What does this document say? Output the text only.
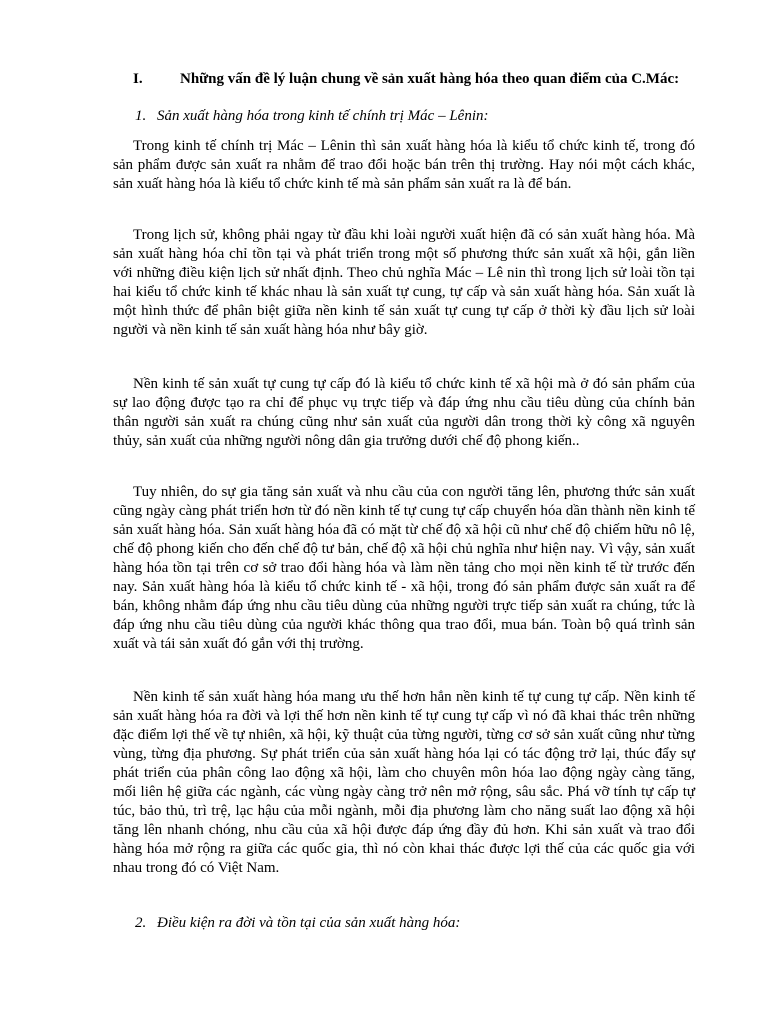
I. Những vấn đề lý luận chung về sản xuất hàng hóa theo quan điểm của C.Mác:
1. Sản xuất hàng hóa trong kinh tế chính trị Mác – Lênin:

Trong kinh tế chính trị Mác – Lênin thì sản xuất hàng hóa là kiểu tổ chức kinh tế, trong đó sản phẩm được sản xuất ra nhằm để trao đổi hoặc bán trên thị trường. Hay nói một cách khác, sản xuất hàng hóa là kiểu tổ chức kinh tế mà sản phẩm sản xuất ra là để bán.

Trong lịch sử, không phải ngay từ đầu khi loài người xuất hiện đã có sản xuất hàng hóa. Mà sản xuất hàng hóa chỉ tồn tại và phát triển trong một số phương thức sản xuất xã hội, gắn liền với những điều kiện lịch sử nhất định. Theo chủ nghĩa Mác – Lê nin thì trong lịch sử loài tồn tại hai kiểu tổ chức kinh tế khác nhau là sản xuất tự cung, tự cấp và sản xuất hàng hóa. Sản xuất là một hình thức để phân biệt giữa nền kinh tế sản xuất tự cung tự cấp ở thời kỳ đầu lịch sử loài người và nền kinh tế sản xuất hàng hóa như bây giờ.

Nền kinh tế sản xuất tự cung tự cấp đó là kiểu tổ chức kinh tế xã hội mà ở đó sản phẩm của sự lao động được tạo ra chỉ để phục vụ trực tiếp và đáp ứng nhu cầu tiêu dùng của chính bản thân người sản xuất ra chúng cũng như sản xuất của người dân trong thời kỳ công xã nguyên thủy, sản xuất của những người nông dân gia trưởng dưới chế độ phong kiến..

Tuy nhiên, do sự gia tăng sản xuất và nhu cầu của con người tăng lên, phương thức sản xuất cũng ngày càng phát triển hơn từ đó nền kinh tế tự cung tự cấp chuyển hóa dần thành nền kinh tế sản xuất hàng hóa. Sản xuất hàng hóa đã có mặt từ chế độ xã hội cũ như chế độ chiếm hữu nô lệ, chế độ phong kiến cho đến chế độ tư bản, chế độ xã hội chủ nghĩa như hiện nay. Vì vậy, sản xuất hàng hóa tồn tại trên cơ sở trao đổi hàng hóa và làm nền tảng cho mọi nền kinh tế từ trước đến nay. Sản xuất hàng hóa là kiểu tổ chức kinh tế - xã hội, trong đó sản phẩm được sản xuất ra để bán, không nhằm đáp ứng nhu cầu tiêu dùng của những người trực tiếp sản xuất ra chúng, tức là đáp ứng nhu cầu tiêu dùng của người khác thông qua trao đổi, mua bán. Toàn bộ quá trình sản xuất và tái sản xuất đó gắn với thị trường.

Nền kinh tế sản xuất hàng hóa mang ưu thế hơn hẳn nền kinh tế tự cung tự cấp. Nền kinh tế sản xuất hàng hóa ra đời và lợi thế hơn nền kinh tế tự cung tự cấp vì nó đã khai thác trên những đặc điểm lợi thế về tự nhiên, xã hội, kỹ thuật của từng người, từng cơ sở sản xuất cũng như từng vùng, từng địa phương. Sự phát triển của sản xuất hàng hóa lại có tác động trở lại, thúc đẩy sự phát triển của phân công lao động xã hội, làm cho chuyên môn hóa lao động ngày càng tăng, mối liên hệ giữa các ngành, các vùng ngày càng trở nên mở rộng, sâu sắc. Phá vỡ tính tự cấp tự túc, bảo thủ, trì trệ, lạc hậu của mỗi ngành, mỗi địa phương làm cho năng suất lao động xã hội tăng lên nhanh chóng, nhu cầu của xã hội được đáp ứng đầy đủ hơn. Khi sản xuất và trao đổi hàng hóa mở rộng ra giữa các quốc gia, thì nó còn khai thác được lợi thế của các quốc gia với nhau trong đó có Việt Nam.

2. Điều kiện ra đời và tồn tại của sản xuất hàng hóa:
